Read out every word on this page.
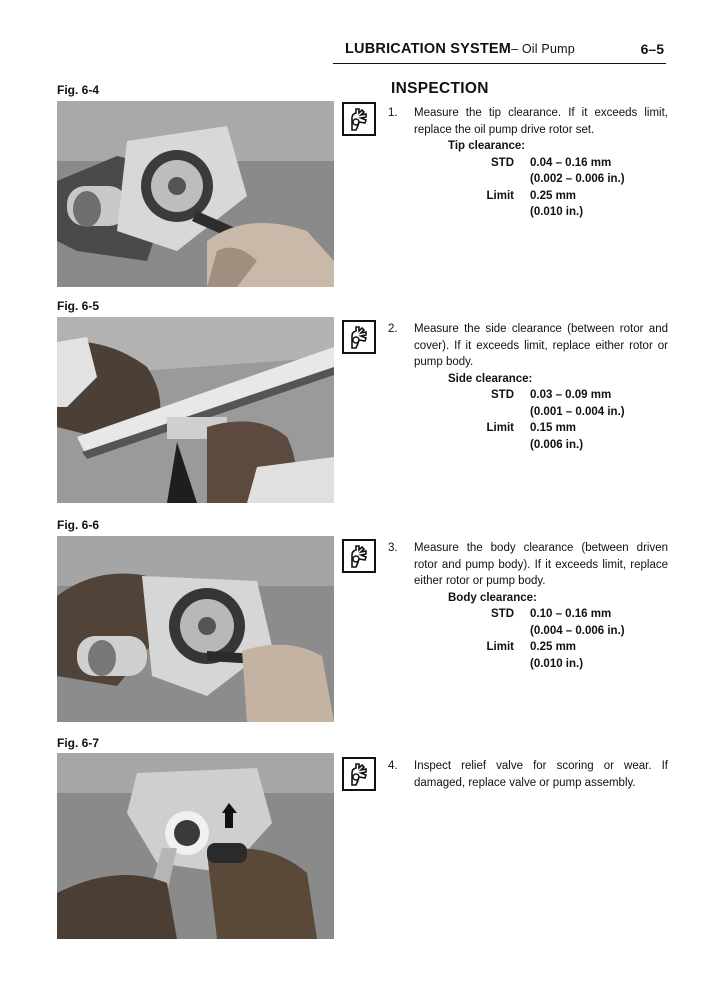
LUBRICATION SYSTEM– Oil Pump	6–5
Fig. 6-4
Fig. 6-5
Fig. 6-6
Fig. 6-7
INSPECTION
1. Measure the tip clearance. If it exceeds limit, replace the oil pump drive rotor set.
Tip clearance:
STD	0.04 – 0.16 mm
	(0.002 – 0.006 in.)
Limit	0.25 mm
	(0.010 in.)
2. Measure the side clearance (between rotor and cover). If it exceeds limit, replace either rotor or pump body.
Side clearance:
STD	0.03 – 0.09 mm
	(0.001 – 0.004 in.)
Limit	0.15 mm
	(0.006 in.)
3. Measure the body clearance (between driven rotor and pump body). If it exceeds limit, replace either rotor or pump body.
Body clearance:
STD	0.10 – 0.16 mm
	(0.004 – 0.006 in.)
Limit	0.25 mm
	(0.010 in.)
4. Inspect relief valve for scoring or wear. If damaged, replace valve or pump assembly.
